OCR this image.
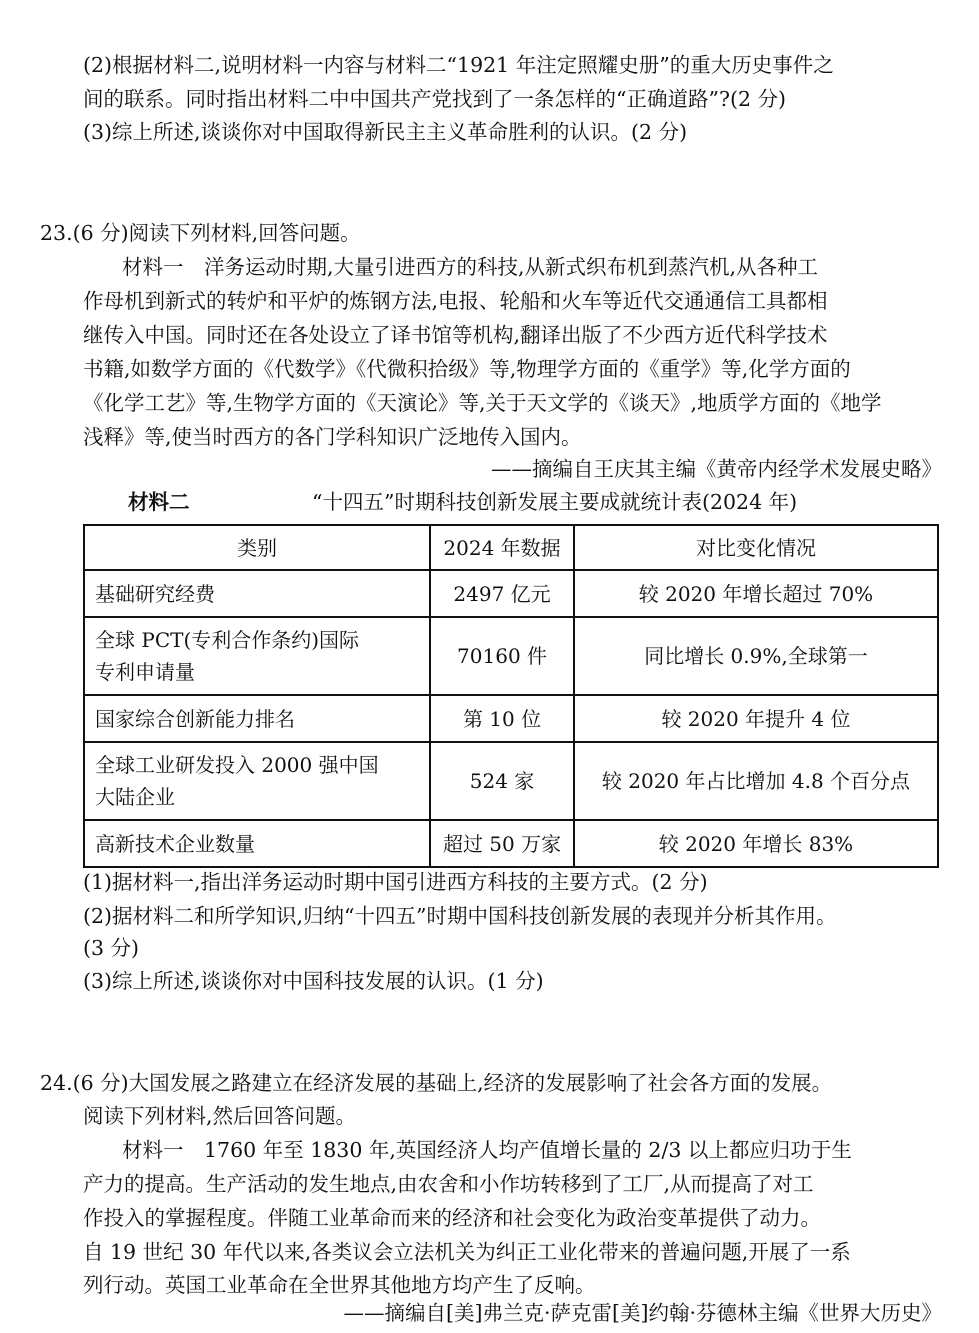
(2)根据材料二,说明材料一内容与材料二“1921 年注定照耀史册”的重大历史事件之
间的联系。同时指出材料二中中国共产党找到了一条怎样的“正确道路”?(2 分)
(3)综上所述,谈谈你对中国取得新民主主义革命胜利的认识。(2 分)
23.(6 分)阅读下列材料,回答问题。
材料一　洋务运动时期,大量引进西方的科技,从新式织布机到蒸汽机,从各种工
作母机到新式的转炉和平炉的炼钢方法,电报、轮船和火车等近代交通通信工具都相
继传入中国。同时还在各处设立了译书馆等机构,翻译出版了不少西方近代科学技术
书籍,如数学方面的《代数学》《代微积拾级》等,物理学方面的《重学》等,化学方面的
《化学工艺》等,生物学方面的《天演论》等,关于天文学的《谈天》,地质学方面的《地学
浅释》等,使当时西方的各门学科知识广泛地传入国内。
——摘编自王庆其主编《黄帝内经学术发展史略》
材料二	“十四五”时期科技创新发展主要成就统计表(2024 年)
类别	2024 年数据	对比变化情况
基础研究经费	2497 亿元	较 2020 年增长超过 70%
全球 PCT(专利合作条约)国际
专利申请量	70160 件	同比增长 0.9%,全球第一
国家综合创新能力排名	第 10 位	较 2020 年提升 4 位
全球工业研发投入 2000 强中国
大陆企业	524 家	较 2020 年占比增加 4.8 个百分点
高新技术企业数量	超过 50 万家	较 2020 年增长 83%
(1)据材料一,指出洋务运动时期中国引进西方科技的主要方式。(2 分)
(2)据材料二和所学知识,归纳“十四五”时期中国科技创新发展的表现并分析其作用。
(3 分)
(3)综上所述,谈谈你对中国科技发展的认识。(1 分)
24.(6 分)大国发展之路建立在经济发展的基础上,经济的发展影响了社会各方面的发展。
阅读下列材料,然后回答问题。
材料一　1760 年至 1830 年,英国经济人均产值增长量的 2/3 以上都应归功于生
产力的提高。生产活动的发生地点,由农舍和小作坊转移到了工厂,从而提高了对工
作投入的掌握程度。伴随工业革命而来的经济和社会变化为政治变革提供了动力。
自 19 世纪 30 年代以来,各类议会立法机关为纠正工业化带来的普遍问题,开展了一系
列行动。英国工业革命在全世界其他地方均产生了反响。
——摘编自[美]弗兰克·萨克雷[美]约翰·芬德林主编《世界大历史》
